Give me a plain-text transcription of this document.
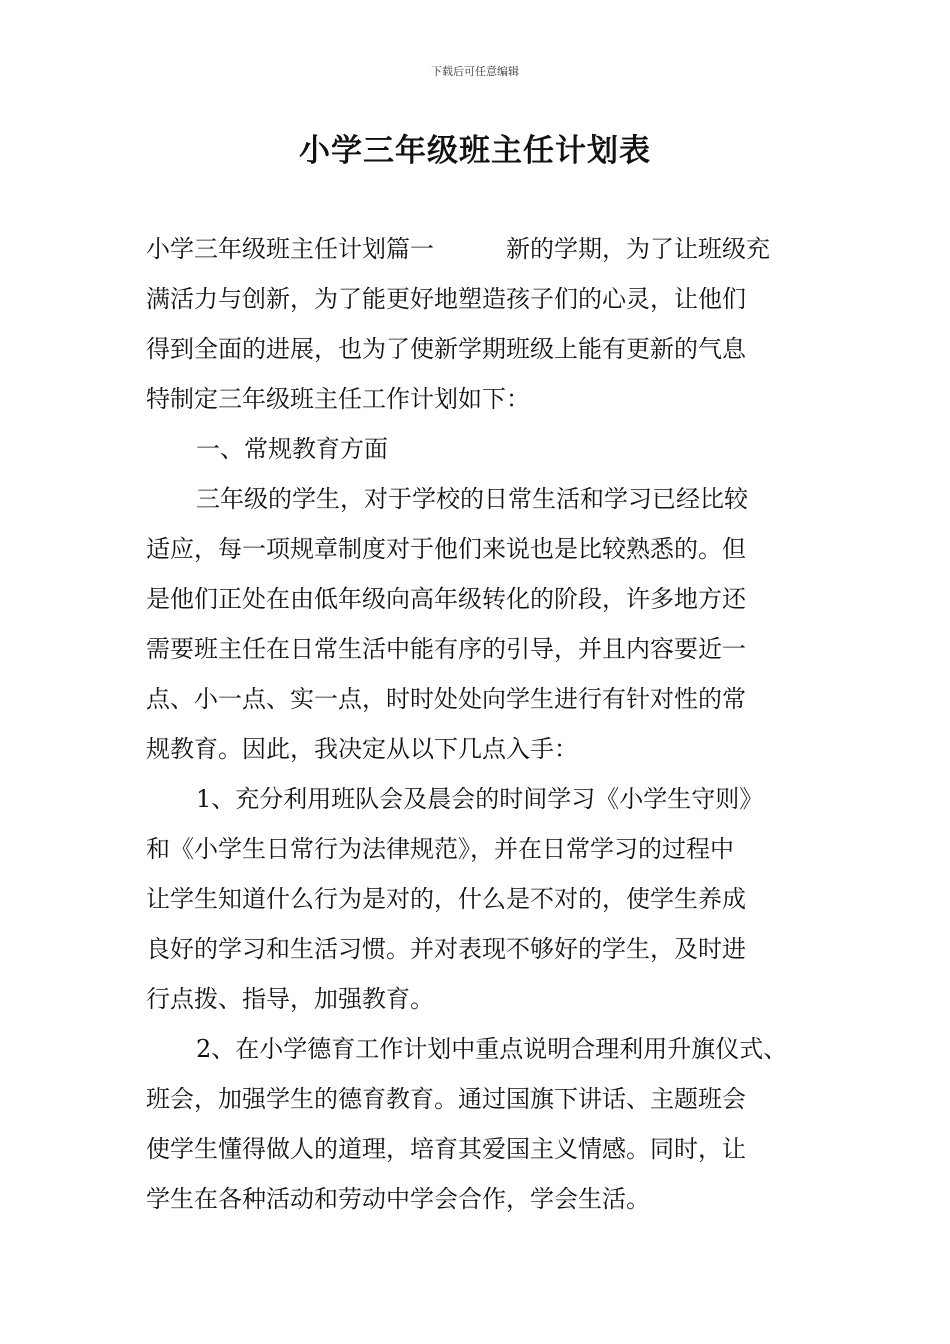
下载后可任意编辑
小学三年级班主任计划表

小学三年级班主任计划篇一	新的学期，为了让班级充

满活力与创新，为了能更好地塑造孩子们的心灵，让他们

得到全面的进展，也为了使新学期班级上能有更新的气息

特制定三年级班主任工作计划如下：

一、常规教育方面

三年级的学生，对于学校的日常生活和学习已经比较

适应，每一项规章制度对于他们来说也是比较熟悉的。但

是他们正处在由低年级向高年级转化的阶段，许多地方还

需要班主任在日常生活中能有序的引导，并且内容要近一

点、小一点、实一点，时时处处向学生进行有针对性的常

规教育。因此，我决定从以下几点入手：

1、充分利用班队会及晨会的时间学习《小学生守则》

和《小学生日常行为法律规范》，并在日常学习的过程中

让学生知道什么行为是对的，什么是不对的，使学生养成

良好的学习和生活习惯。并对表现不够好的学生，及时进

行点拨、指导，加强教育。

2、在小学德育工作计划中重点说明合理利用升旗仪式、

班会，加强学生的德育教育。通过国旗下讲话、主题班会

使学生懂得做人的道理，培育其爱国主义情感。同时，让

学生在各种活动和劳动中学会合作，学会生活。
